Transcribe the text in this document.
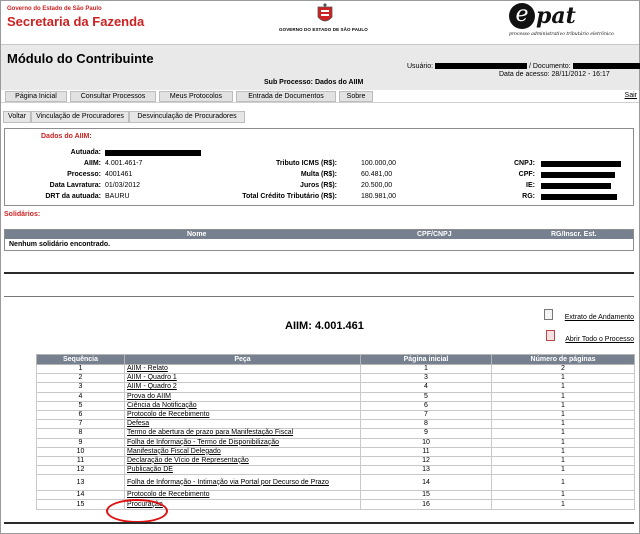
Governo do Estado de São Paulo
Secretaria da Fazenda
GOVERNO DO ESTADO DE SÃO PAULO
e pat
processo administrativo tributário eletrônico
Módulo do Contribuinte
Usuário:	/ Documento:
Data de acesso: 28/11/2012 - 16:17
Sub Processo: Dados do AIIM
Página Inicial	Consultar Processos	Meus Protocolos	Entrada de Documentos	Sobre	Sair
Voltar	Vinculação de Procuradores	Desvinculação de Procuradores
Dados do AIIM:
Autuada:
AIIM: 4.001.461-7
Processo: 4001461
Data Lavratura: 01/03/2012
DRT da autuada: BAURU
Tributo ICMS (R$):	100.000,00
Multa (R$):	60.481,00
Juros (R$):	20.500,00
Total Crédito Tributário (R$):	180.981,00
CNPJ:
CPF:
IE:
RG:
Solidários:
Nome	CPF/CNPJ	RG/Inscr. Est.
Nenhum solidário encontrado.
Extrato de Andamento
Abrir Todo o Processo
AIIM: 4.001.461
Sequência	Peça	Página inicial	Número de páginas
1	AIIM - Relato	1	2
2	AIIM - Quadro 1	3	1
3	AIIM - Quadro 2	4	1
4	Prova do AIIM	5	1
5	Ciência da Notificação	6	1
6	Protocolo de Recebimento	7	1
7	Defesa	8	1
8	Termo de abertura de prazo para Manifestação Fiscal	9	1
9	Folha de Informação - Termo de Disponibilização	10	1
10	Manifestação Fiscal Delegado	11	1
11	Declaração de Vício de Representação	12	1
12	Publicação DE	13	1
13	Folha de Informação - Intimação via Portal por Decurso de Prazo	14	1
14	Protocolo de Recebimento	15	1
15	Procuração	16	1
